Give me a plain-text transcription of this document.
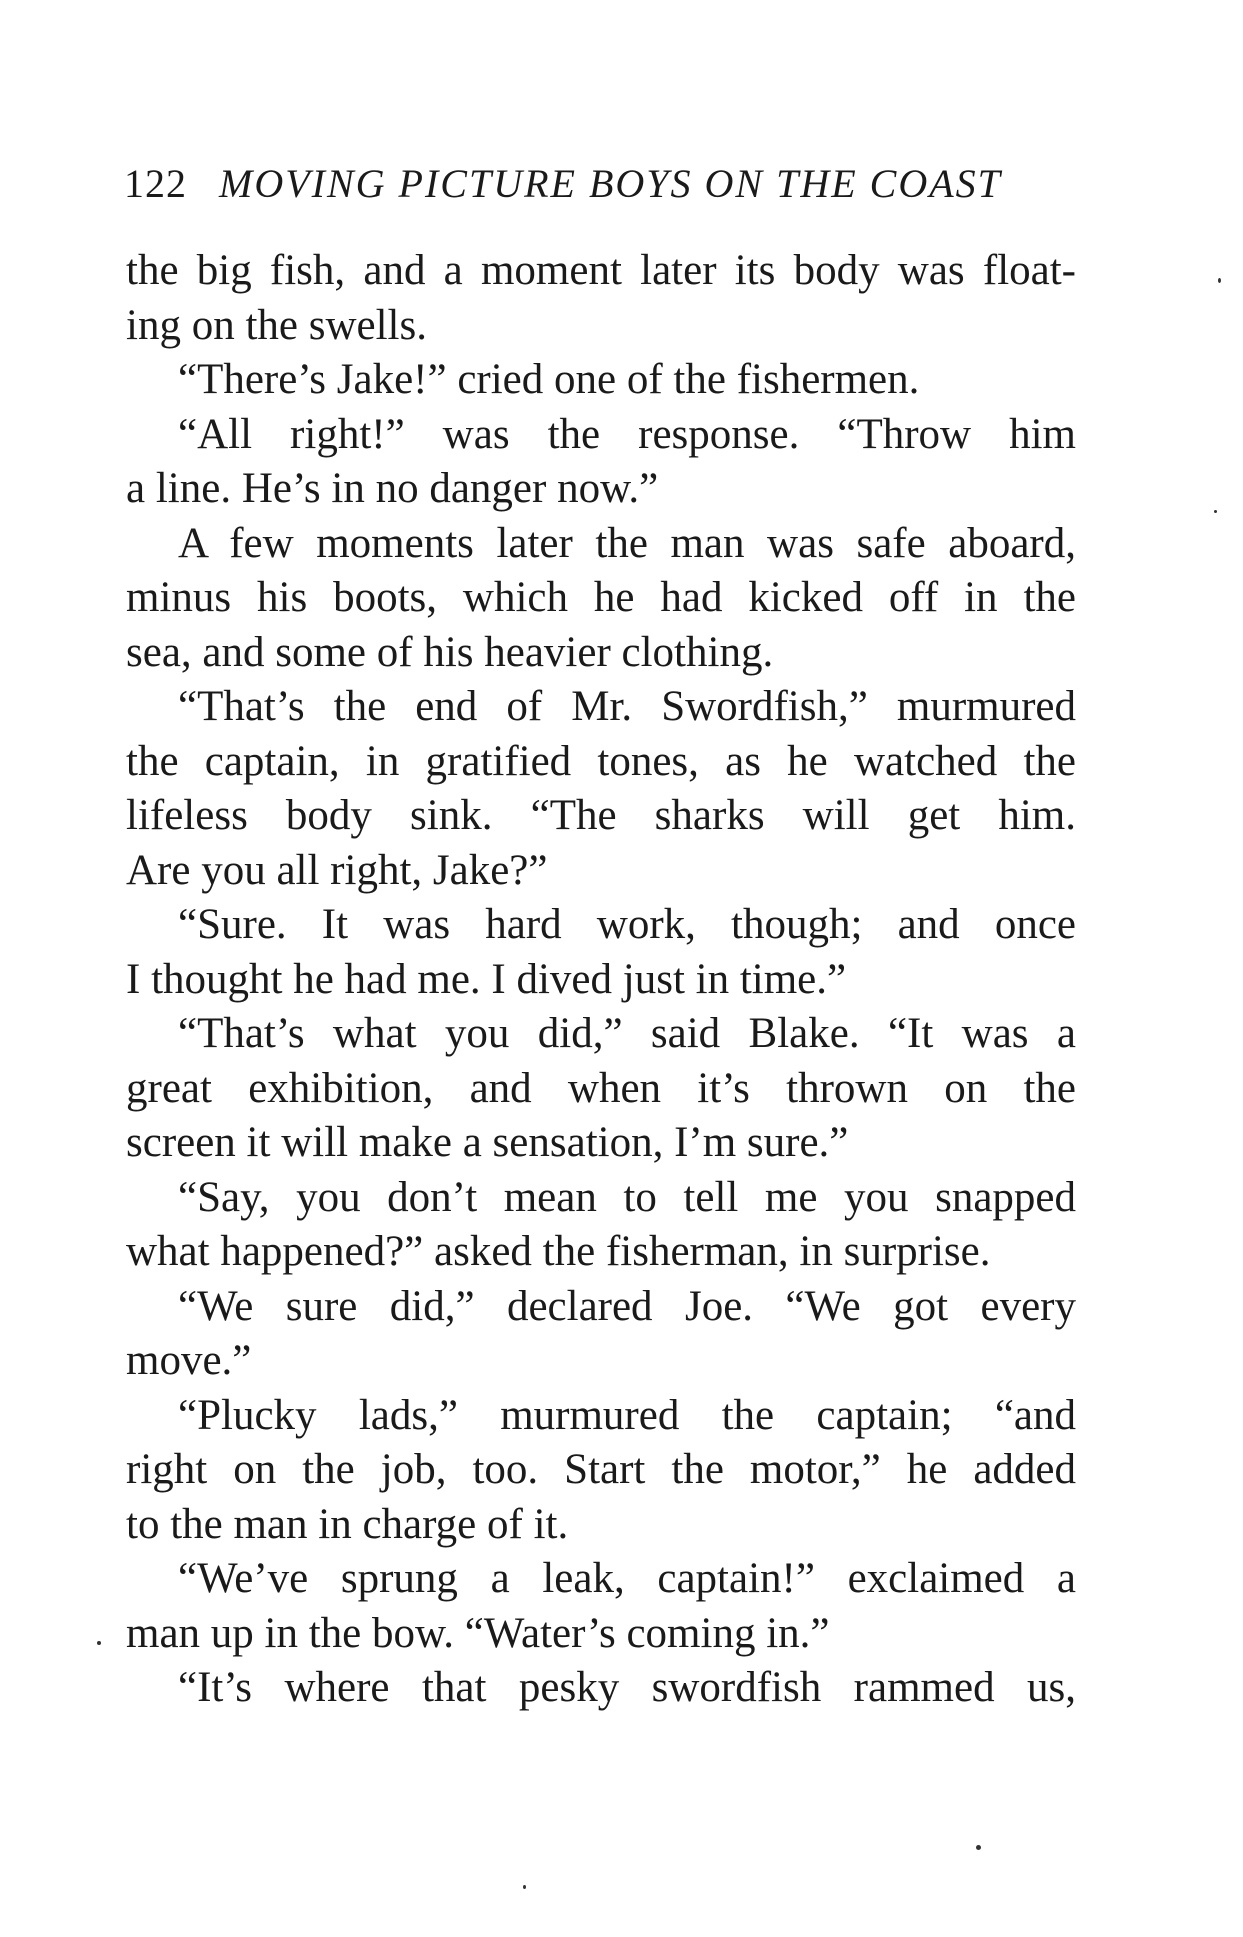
122 MOVING PICTURE BOYS ON THE COAST
the big fish, and a moment later its body was float-
ing on the swells.
“There’s Jake!” cried one of the fishermen.
“All right!” was the response. “Throw him
a line. He’s in no danger now.”
A few moments later the man was safe aboard,
minus his boots, which he had kicked off in the
sea, and some of his heavier clothing.
“That’s the end of Mr. Swordfish,” murmured
the captain, in gratified tones, as he watched the
lifeless body sink. “The sharks will get him.
Are you all right, Jake?”
“Sure. It was hard work, though; and once
I thought he had me. I dived just in time.”
“That’s what you did,” said Blake. “It was a
great exhibition, and when it’s thrown on the
screen it will make a sensation, I’m sure.”
“Say, you don’t mean to tell me you snapped
what happened?” asked the fisherman, in surprise.
“We sure did,” declared Joe. “We got every
move.”
“Plucky lads,” murmured the captain; “and
right on the job, too. Start the motor,” he added
to the man in charge of it.
“We’ve sprung a leak, captain!” exclaimed a
man up in the bow. “Water’s coming in.”
“It’s where that pesky swordfish rammed us,
